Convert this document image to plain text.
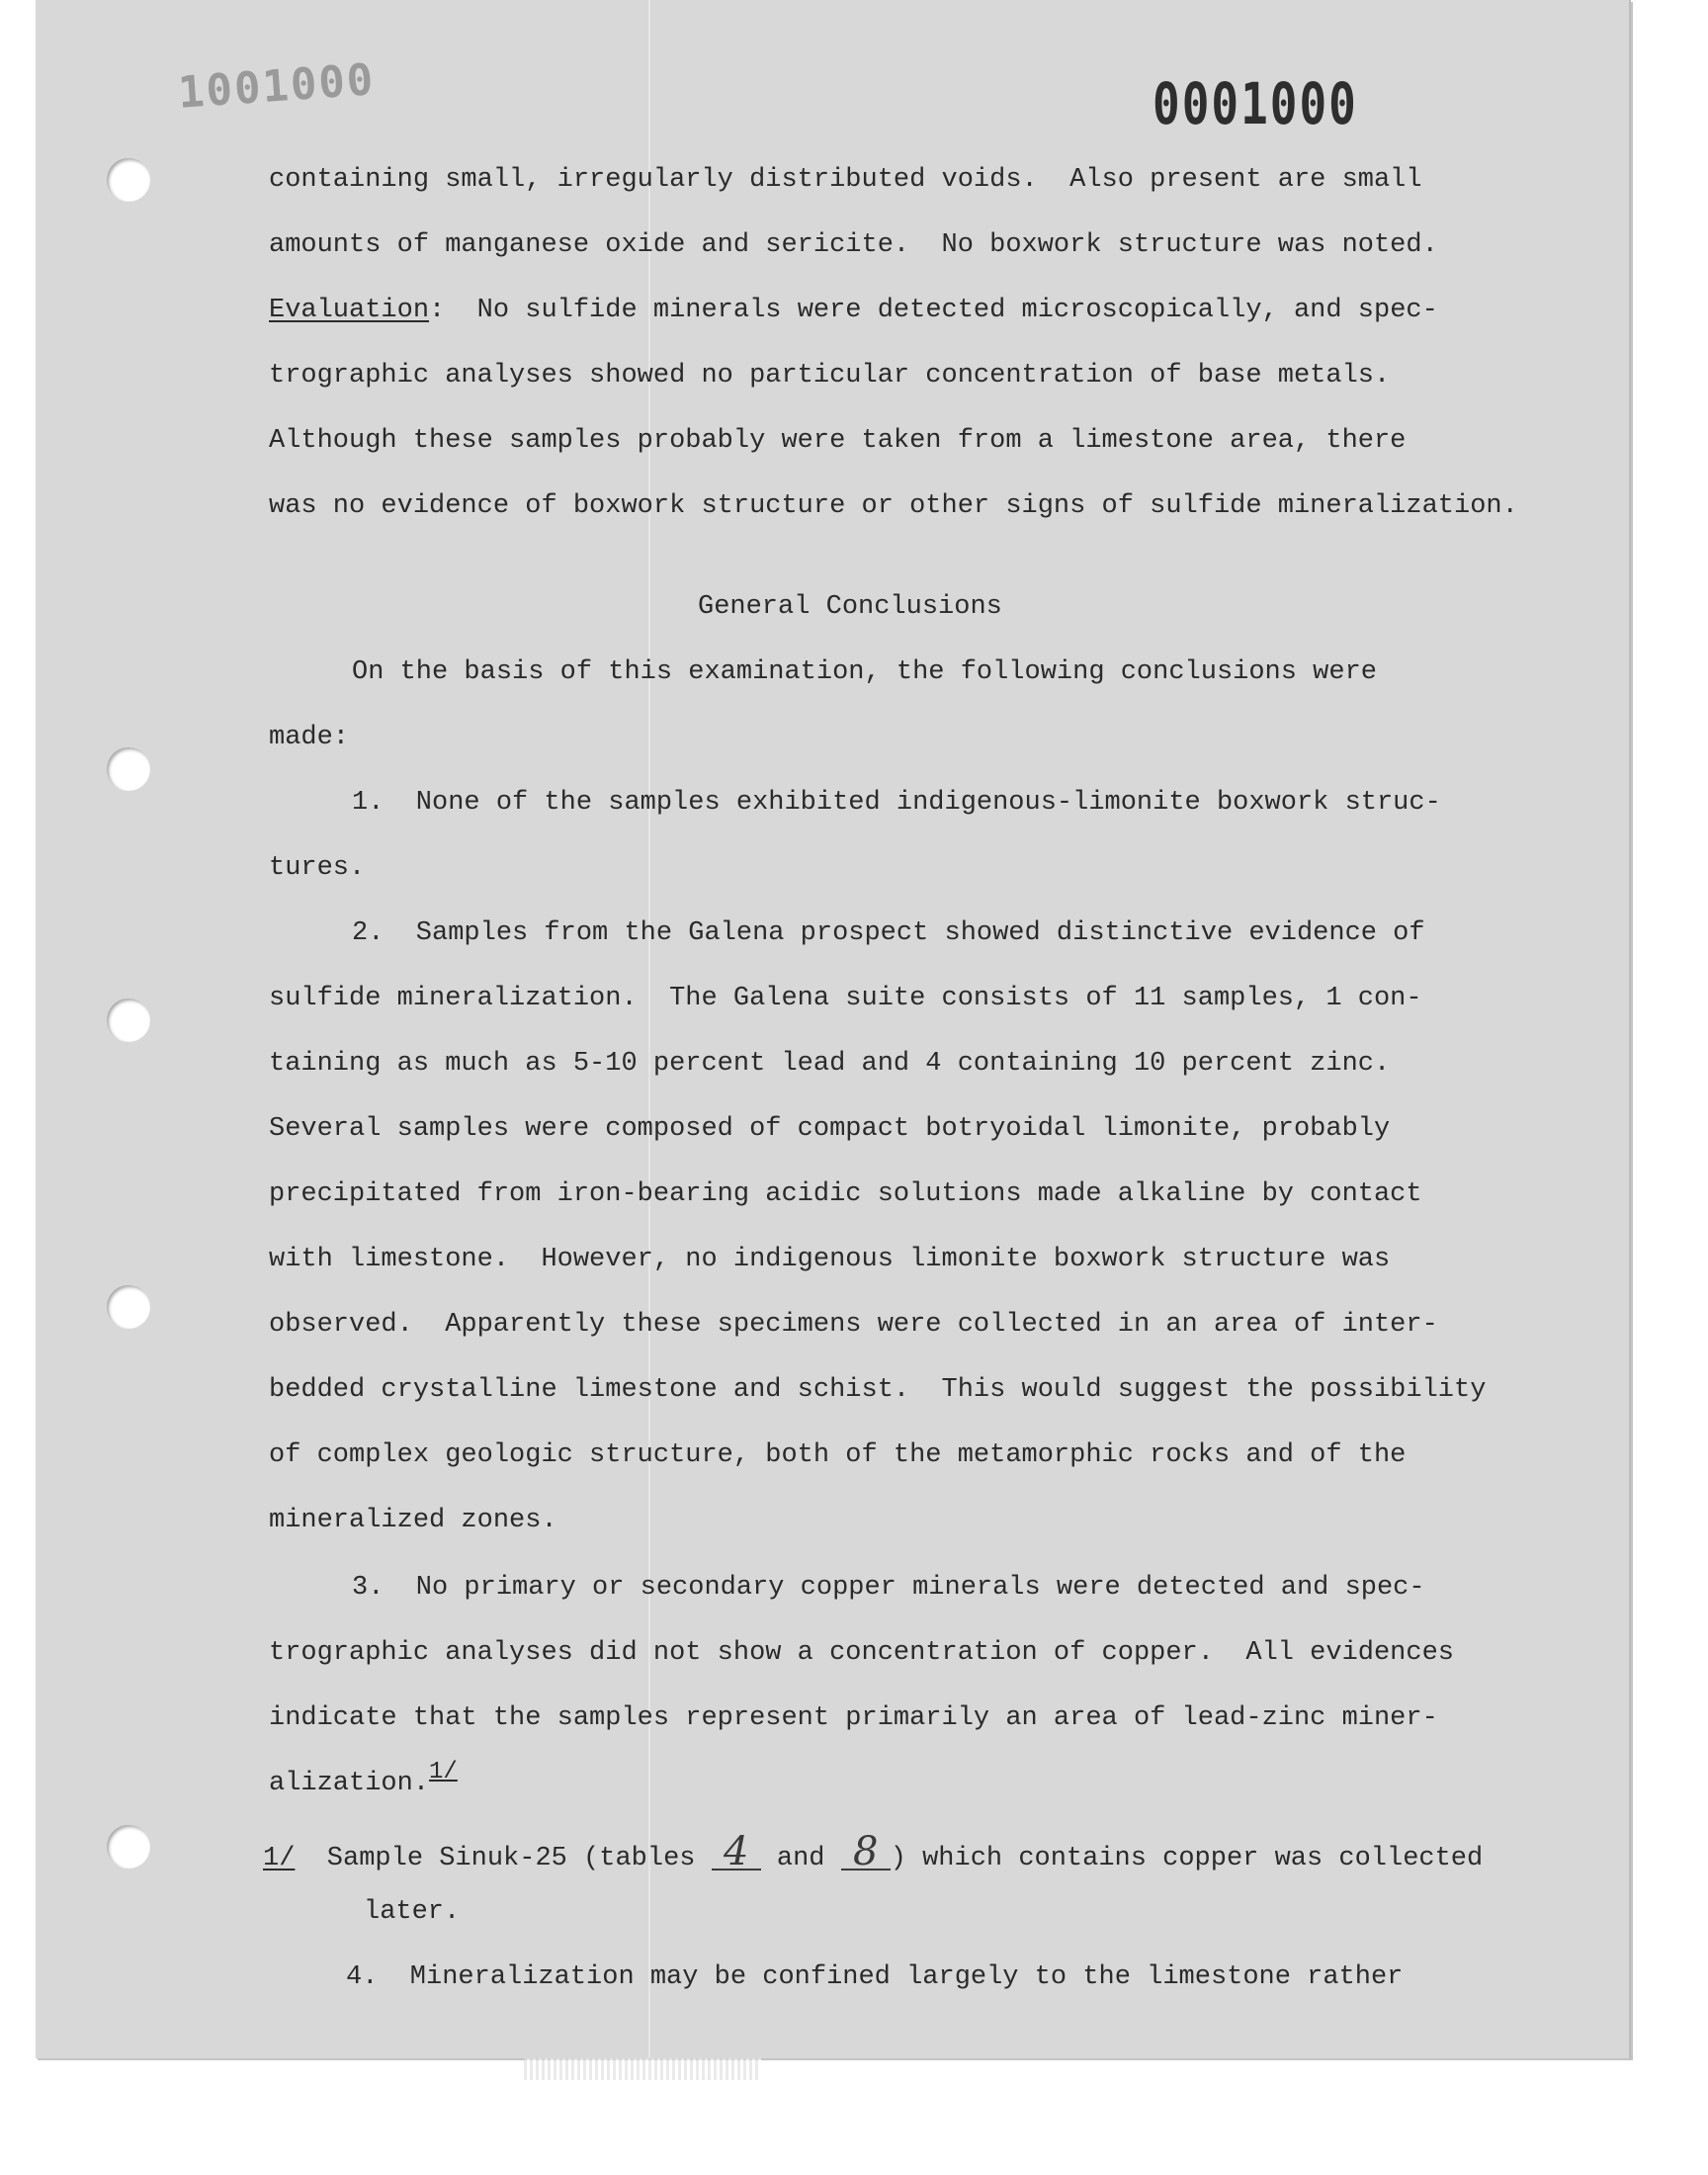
1001000	0001000

containing small, irregularly distributed voids.  Also present are small

amounts of manganese oxide and sericite.  No boxwork structure was noted.

Evaluation:  No sulfide minerals were detected microscopically, and spec-

trographic analyses showed no particular concentration of base metals.

Although these samples probably were taken from a limestone area, there

was no evidence of boxwork structure or other signs of sulfide mineralization.

General Conclusions

On the basis of this examination, the following conclusions were

made:

1.  None of the samples exhibited indigenous-limonite boxwork struc-

tures.

2.  Samples from the Galena prospect showed distinctive evidence of

sulfide mineralization.  The Galena suite consists of 11 samples, 1 con-

taining as much as 5-10 percent lead and 4 containing 10 percent zinc.

Several samples were composed of compact botryoidal limonite, probably

precipitated from iron-bearing acidic solutions made alkaline by contact

with limestone.  However, no indigenous limonite boxwork structure was

observed.  Apparently these specimens were collected in an area of inter-

bedded crystalline limestone and schist.  This would suggest the possibility

of complex geologic structure, both of the metamorphic rocks and of the

mineralized zones.

3.  No primary or secondary copper minerals were detected and spec-

trographic analyses did not show a concentration of copper.  All evidences

indicate that the samples represent primarily an area of lead-zinc miner-

alization.1/

1/  Sample Sinuk-25 (tables 4 and 8 ) which contains copper was collected

later.

4.  Mineralization may be confined largely to the limestone rather
